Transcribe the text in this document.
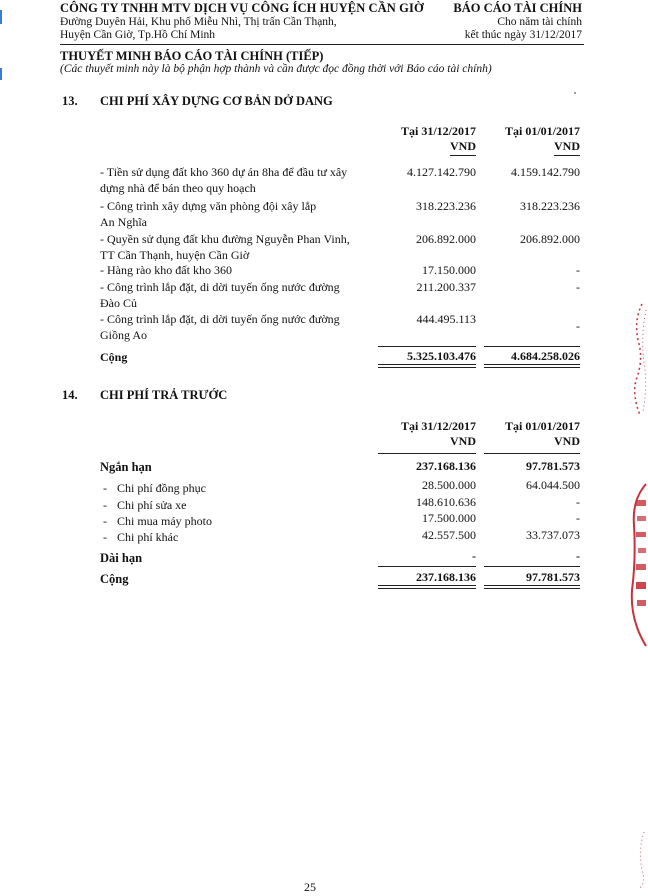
CÔNG TY TNHH MTV DỊCH VỤ CÔNG ÍCH HUYỆN CẦN GIỜ
Đường Duyên Hải, Khu phố Miễu Nhì, Thị trấn Cần Thạnh,
Huyện Cần Giờ, Tp.Hồ Chí Minh
BÁO CÁO TÀI CHÍNH
Cho năm tài chính
kết thúc ngày 31/12/2017
THUYẾT MINH BÁO CÁO TÀI CHÍNH (TIẾP)
(Các thuyết minh này là bộ phận hợp thành và cần được đọc đồng thời với Báo cáo tài chính)
13. CHI PHÍ XÂY DỰNG CƠ BẢN DỞ DANG
Tại 31/12/2017
VND
Tại 01/01/2017
VND
- Tiền sử dụng đất kho 360 dự án 8ha để đầu tư xây
dựng nhà để bán theo quy hoạch
4.127.142.790	4.159.142.790
- Công trình xây dựng văn phòng đội xây lắp
An Nghĩa
318.223.236	318.223.236
- Quyền sử dụng đất khu đường Nguyễn Phan Vinh,
TT Cần Thạnh, huyện Cần Giờ
206.892.000	206.892.000
- Hàng rào kho đất kho 360	17.150.000	-
- Công trình lắp đặt, di dời tuyến ống nước đường
Đào Củ
211.200.337	-
- Công trình lắp đặt, di dời tuyến ống nước đường
Giồng Ao
444.495.113	-
Cộng	5.325.103.476	4.684.258.026
14. CHI PHÍ TRẢ TRƯỚC
Tại 31/12/2017
VND
Tại 01/01/2017
VND
Ngắn hạn	237.168.136	97.781.573
- Chi phí đồng phục	28.500.000	64.044.500
- Chi phí sửa xe	148.610.636	-
- Chi mua máy photo	17.500.000	-
- Chi phí khác	42.557.500	33.737.073
Dài hạn	-	-
Cộng	237.168.136	97.781.573
25
